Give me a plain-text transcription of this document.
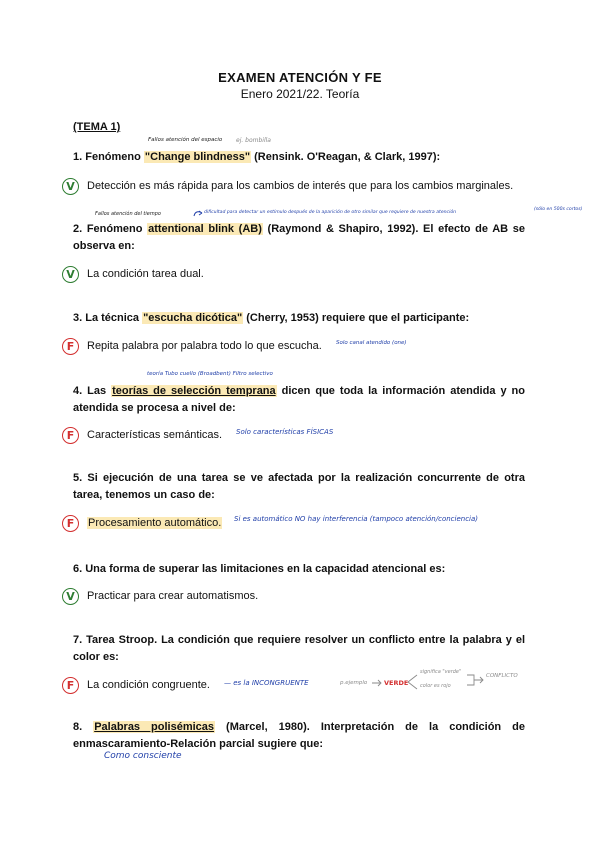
EXAMEN ATENCIÓN Y FE
Enero 2021/22. Teoría
(TEMA 1)
Fallos atención del espacio ej. bombilla
1. Fenómeno "Change blindness" (Rensink. O'Reagan, & Clark, 1997):
V	Detección es más rápida para los cambios de interés que para los cambios marginales.
Fallos atención del tiempo	dificultad para detectar un estímulo después de la aparición de otro similar que requiere de nuestra atención
(sólo en 500s cortos)
2. Fenómeno attentional blink (AB) (Raymond & Shapiro, 1992). El efecto de AB se observa en:
V	La condición tarea dual.
3. La técnica "escucha dicótica" (Cherry, 1953) requiere que el participante:
F	Repita palabra por palabra todo lo que escucha.	Solo canal atendido (one)
teoría Tubo cuello (Broadbent) Filtro selectivo
4. Las teorías de selección temprana dicen que toda la información atendida y no atendida se procesa a nivel de:
F	Características semánticas. Solo características FÍSICAS
5. Si ejecución de una tarea se ve afectada por la realización concurrente de otra tarea, tenemos un caso de:
F	Procesamiento automático. Si es automático NO hay interferencia (tampoco atención/conciencia)
6. Una forma de superar las limitaciones en la capacidad atencional es:
V	Practicar para crear automatismos.
7. Tarea Stroop. La condición que requiere resolver un conflicto entre la palabra y el color es:
F	La condición congruente. — es la INCONGRUENTE	p.ejemplo	VERDE
significa "verde"
color es rojo
CONFLICTO
8. Palabras polisémicas (Marcel, 1980). Interpretación de la condición de enmascaramiento-Relación parcial sugiere que:
Como consciente
